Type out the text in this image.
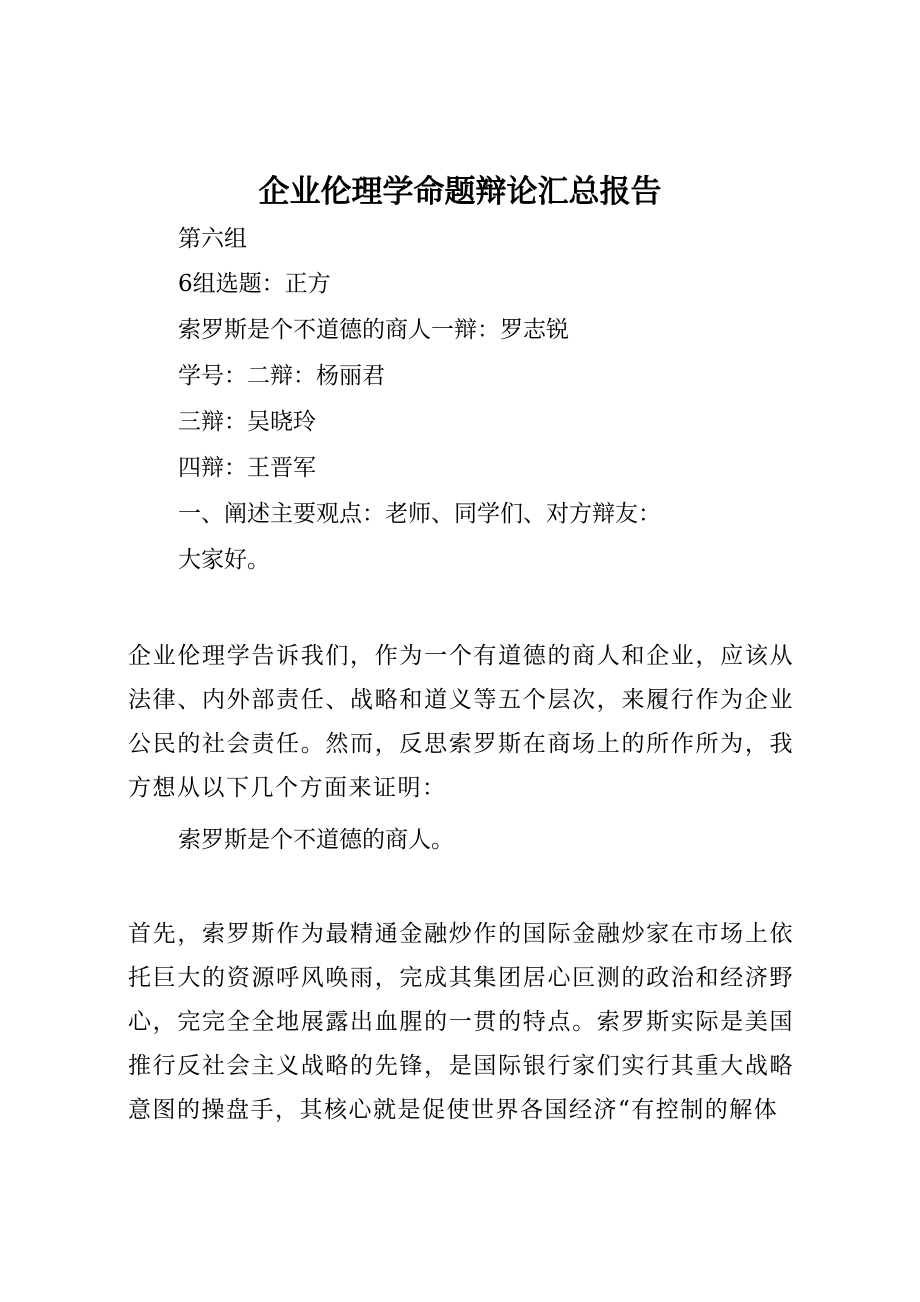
企业伦理学命题辩论汇总报告
第六组
6组选题：正方
索罗斯是个不道德的商人一辩：罗志锐
学号：二辩：杨丽君
三辩：吴晓玲
四辩：王晋军
一、阐述主要观点：老师、同学们、对方辩友：
大家好。
企业伦理学告诉我们，作为一个有道德的商人和企业，应该从法律、内外部责任、战略和道义等五个层次，来履行作为企业公民的社会责任。然而，反思索罗斯在商场上的所作所为，我方想从以下几个方面来证明：
索罗斯是个不道德的商人。
首先，索罗斯作为最精通金融炒作的国际金融炒家在市场上依托巨大的资源呼风唤雨，完成其集团居心叵测的政治和经济野心，完完全全地展露出血腥的一贯的特点。索罗斯实际是美国推行反社会主义战略的先锋，是国际银行家们实行其重大战略意图的操盘手，其核心就是促使世界各国经济“有控制的解体
